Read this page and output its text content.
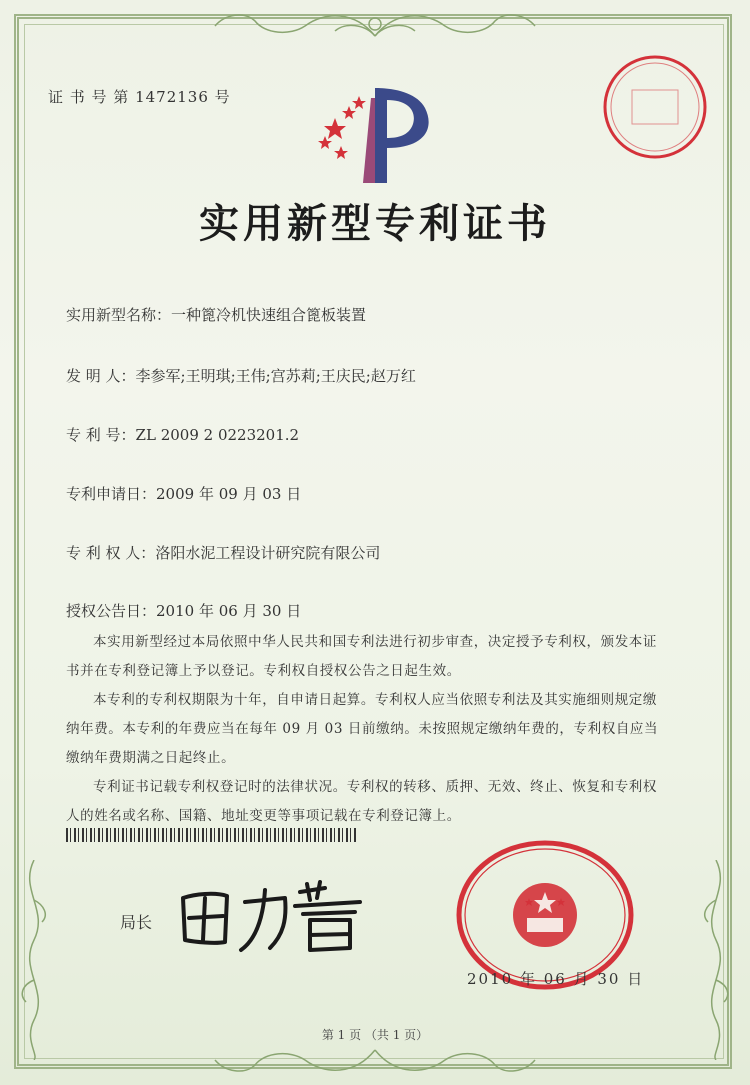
证 书 号 第 1472136 号
实用新型专利证书
实用新型名称：一种篦冷机快速组合篦板装置
发 明 人：李参军;王明琪;王伟;宫苏莉;王庆民;赵万红
专 利 号：ZL 2009 2 0223201.2
专利申请日：2009 年 09 月 03 日
专 利 权 人：洛阳水泥工程设计研究院有限公司
授权公告日：2010 年 06 月 30 日

本实用新型经过本局依照中华人民共和国专利法进行初步审查，决定授予专利权，颁发本证书并在专利登记簿上予以登记。专利权自授权公告之日起生效。

本专利的专利权期限为十年，自申请日起算。专利权人应当依照专利法及其实施细则规定缴纳年费。本专利的年费应当在每年 09 月 03 日前缴纳。未按照规定缴纳年费的，专利权自应当缴纳年费期满之日起终止。

专利证书记载专利权登记时的法律状况。专利权的转移、质押、无效、终止、恢复和专利权人的姓名或名称、国籍、地址变更等事项记载在专利登记簿上。

局长
2010 年 06 月 30 日
第 1 页 （共 1 页）
